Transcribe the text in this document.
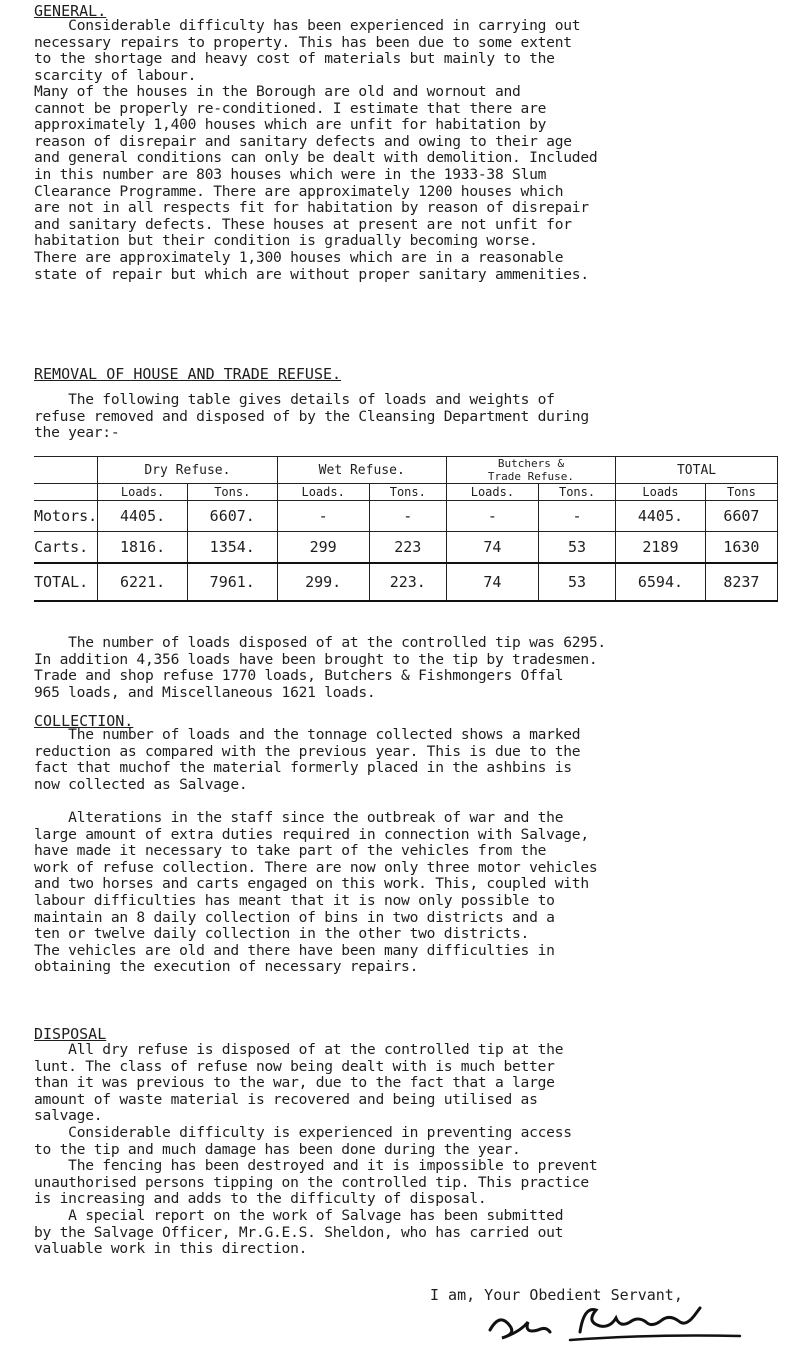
GENERAL.
Considerable difficulty has been experienced in carrying out
necessary repairs to property. This has been due to some extent
to the shortage and heavy cost of materials but mainly to the
scarcity of labour.
Many of the houses in the Borough are old and wornout and
cannot be properly re-conditioned. I estimate that there are
approximately 1,400 houses which are unfit for habitation by
reason of disrepair and sanitary defects and owing to their age
and general conditions can only be dealt with demolition. Included
in this number are 803 houses which were in the 1933-38 Slum
Clearance Programme. There are approximately 1200 houses which
are not in all respects fit for habitation by reason of disrepair
and sanitary defects. These houses at present are not unfit for
habitation but their condition is gradually becoming worse.
There are approximately 1,300 houses which are in a reasonable
state of repair but which are without proper sanitary ammenities.
REMOVAL OF HOUSE AND TRADE REFUSE.
The following table gives details of loads and weights of
refuse removed and disposed of by the Cleansing Department during
the year:-
	Dry Refuse.		Wet Refuse.		Butchers &
Trade Refuse.		TOTAL	
	Loads.	Tons.	Loads.	Tons.	Loads.	Tons.	Loads	Tons
Motors.	4405.	6607.	-	-	-	-	4405.	6607
Carts.	1816.	1354.	299	223	74	53	2189	1630
TOTAL.	6221.	7961.	299.	223.	74	53	6594.	8237
The number of loads disposed of at the controlled tip was 6295.
In addition 4,356 loads have been brought to the tip by tradesmen.
Trade and shop refuse 1770 loads, Butchers & Fishmongers Offal
965 loads, and Miscellaneous 1621 loads.
COLLECTION.
The number of loads and the tonnage collected shows a marked
reduction as compared with the previous year. This is due to the
fact that muchof the material formerly placed in the ashbins is
now collected as Salvage.
Alterations in the staff since the outbreak of war and the
large amount of extra duties required in connection with Salvage,
have made it necessary to take part of the vehicles from the
work of refuse collection. There are now only three motor vehicles
and two horses and carts engaged on this work. This, coupled with
labour difficulties has meant that it is now only possible to
maintain an 8 daily collection of bins in two districts and a
ten or twelve daily collection in the other two districts.
The vehicles are old and there have been many difficulties in
obtaining the execution of necessary repairs.
DISPOSAL
All dry refuse is disposed of at the controlled tip at the
lunt. The class of refuse now being dealt with is much better
than it was previous to the war, due to the fact that a large
amount of waste material is recovered and being utilised as
salvage.
Considerable difficulty is experienced in preventing access
to the tip and much damage has been done during the year.
The fencing has been destroyed and it is impossible to prevent
unauthorised persons tipping on the controlled tip. This practice
is increasing and adds to the difficulty of disposal.
A special report on the work of Salvage has been submitted
by the Salvage Officer, Mr.G.E.S. Sheldon, who has carried out
valuable work in this direction.
I am, Your Obedient Servant,
